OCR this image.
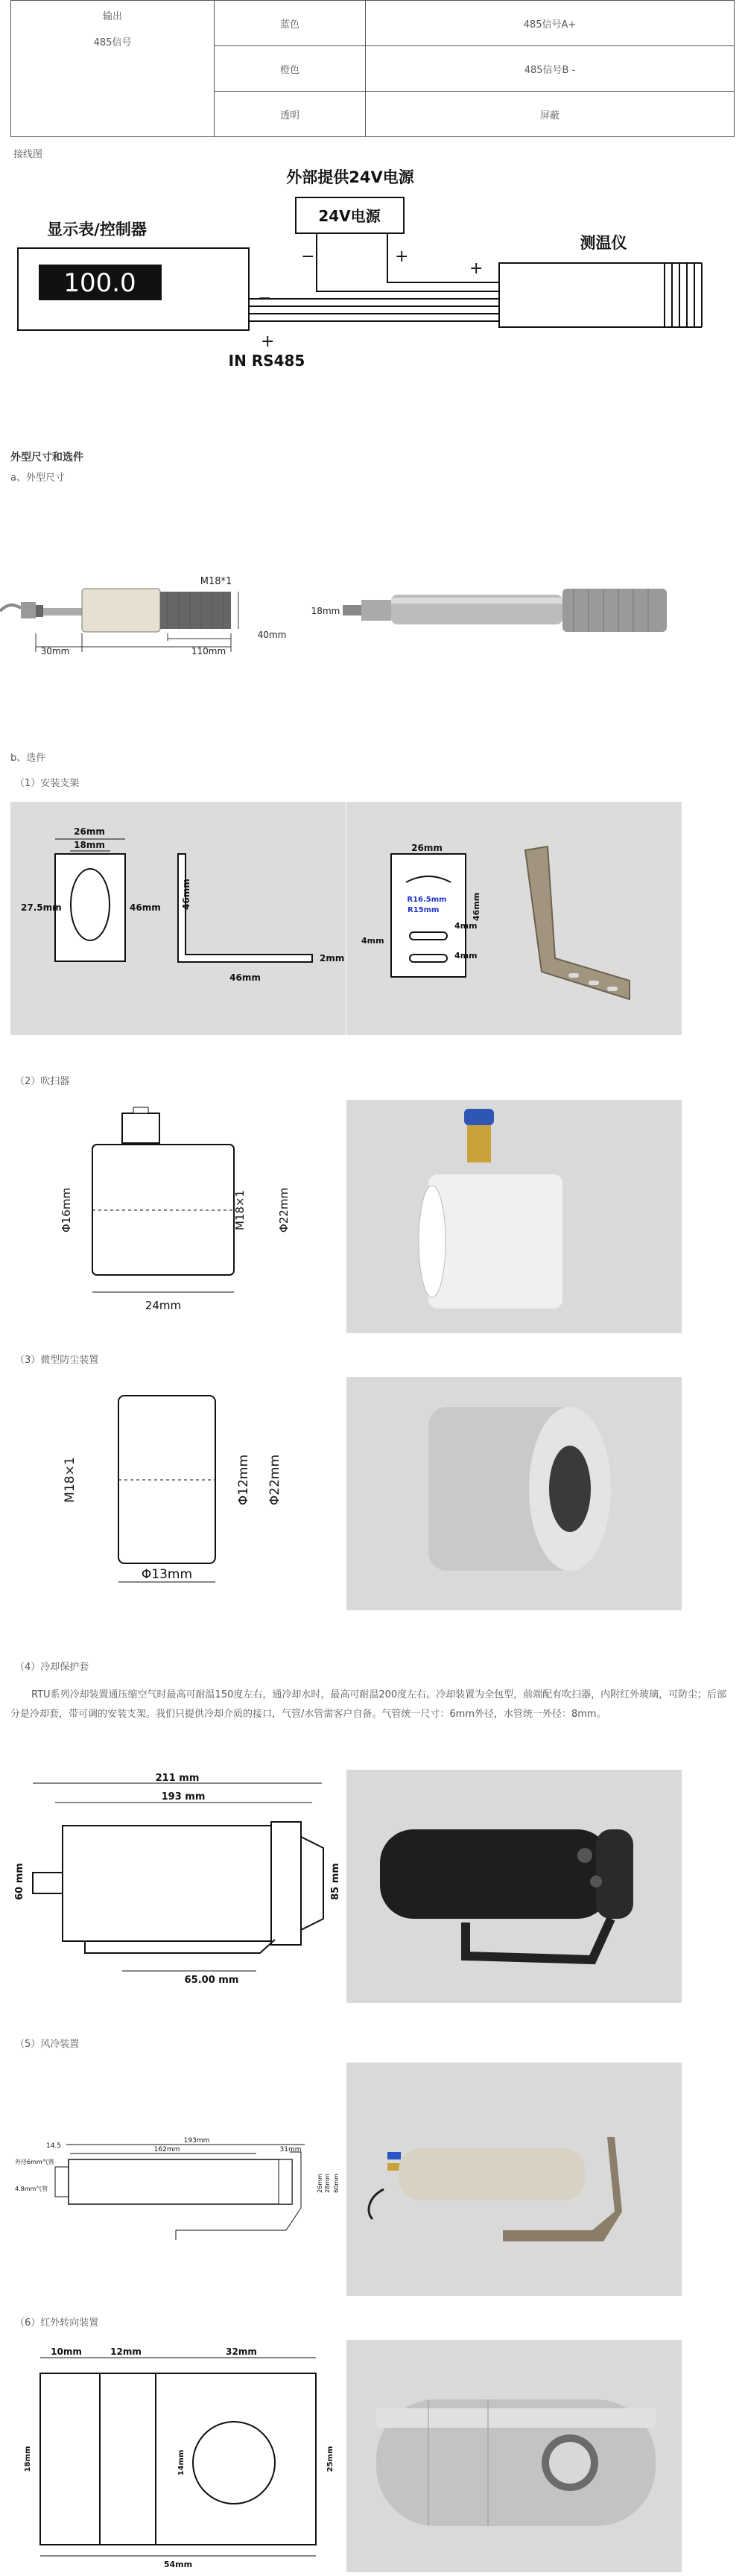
输出
485信号	蓝色	485信号A+
	橙色	485信号B -
	透明	屏蔽
接线图
外部提供24V电源
24V电源
显示表/控制器
100.0
测温仪
−	+
+
−
+
IN RS485
外型尺寸和选件
a、外型尺寸
M18*1
18mm
30mm	110mm
40mm
b、选件
（1）安装支架
26mm
18mm
27.5mm	46mm 46mm
46mm
2mm
26mm
R16.5mm
R15mm
4mm
4mm
4mm
46mm
（2）吹扫器
Φ16mm	M18×1	Φ22mm
24mm
（3）微型防尘装置
M18×1	Φ12mm Φ22mm
Φ13mm
（4）冷却保护套
RTU系列冷却装置通压缩空气时最高可耐温150度左右，通冷却水时，最高可耐温200度左右。冷却装置为全包型，前端配有吹扫器，内附红外玻璃，可防尘；后部分是冷却套，带可调的安装支架。我们只提供冷却介质的接口，气管/水管需客户自备。气管统一尺寸：6mm外径，水管统一外径：8mm。
211 mm
193 mm
60 mm	85 mm
65.00 mm
（5）风冷装置
193mm
14.5	162mm	31mm
外径6mm气管
4.8mm气管	26mm 28mm 60mm
（6）红外转向装置
10mm	12mm	32mm
18mm	14mm	25mm
54mm
